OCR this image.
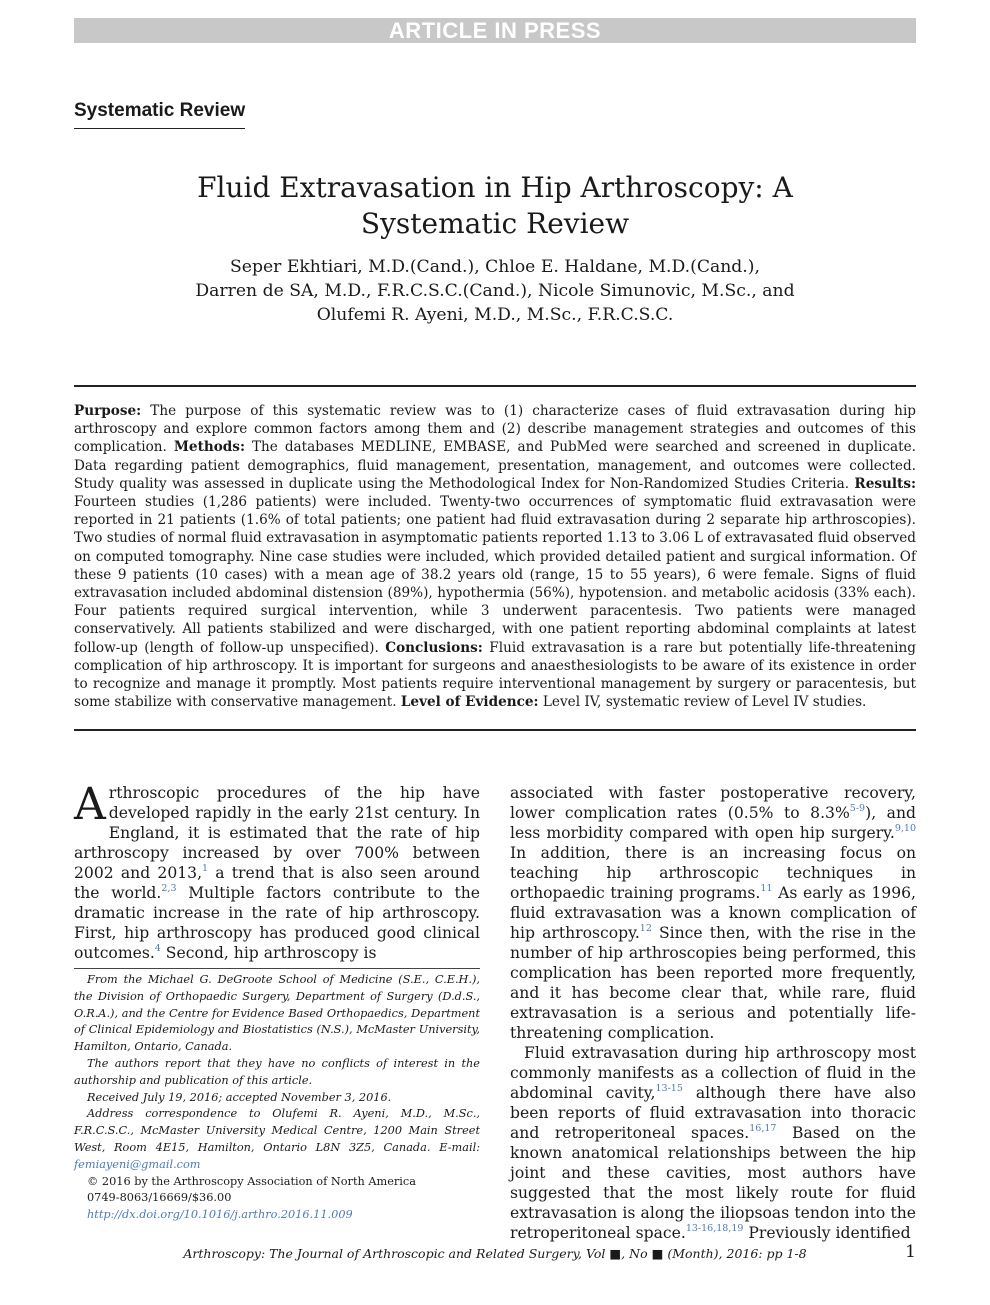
ARTICLE IN PRESS
Systematic Review
Fluid Extravasation in Hip Arthroscopy: A Systematic Review
Seper Ekhtiari, M.D.(Cand.), Chloe E. Haldane, M.D.(Cand.),
Darren de SA, M.D., F.R.C.S.C.(Cand.), Nicole Simunovic, M.Sc., and
Olufemi R. Ayeni, M.D., M.Sc., F.R.C.S.C.
Purpose: The purpose of this systematic review was to (1) characterize cases of fluid extravasation during hip arthroscopy and explore common factors among them and (2) describe management strategies and outcomes of this complication. Methods: The databases MEDLINE, EMBASE, and PubMed were searched and screened in duplicate. Data regarding patient demographics, fluid management, presentation, management, and outcomes were collected. Study quality was assessed in duplicate using the Methodological Index for Non-Randomized Studies Criteria. Results: Fourteen studies (1,286 patients) were included. Twenty-two occurrences of symptomatic fluid extravasation were reported in 21 patients (1.6% of total patients; one patient had fluid extravasation during 2 separate hip arthroscopies). Two studies of normal fluid extravasation in asymptomatic patients reported 1.13 to 3.06 L of extravasated fluid observed on computed tomography. Nine case studies were included, which provided detailed patient and surgical information. Of these 9 patients (10 cases) with a mean age of 38.2 years old (range, 15 to 55 years), 6 were female. Signs of fluid extravasation included abdominal distension (89%), hypothermia (56%), hypotension. and metabolic acidosis (33% each). Four patients required surgical intervention, while 3 underwent paracentesis. Two patients were managed conservatively. All patients stabilized and were discharged, with one patient reporting abdominal complaints at latest follow-up (length of follow-up unspecified). Conclusions: Fluid extravasation is a rare but potentially life-threatening complication of hip arthroscopy. It is important for surgeons and anaesthesiologists to be aware of its existence in order to recognize and manage it promptly. Most patients require interventional management by surgery or paracentesis, but some stabilize with conservative management. Level of Evidence: Level IV, systematic review of Level IV studies.

Arthroscopic procedures of the hip have developed rapidly in the early 21st century. In England, it is estimated that the rate of hip arthroscopy increased by over 700% between 2002 and 2013,$^1$ a trend that is also seen around the world.$^{2,3}$ Multiple factors contribute to the dramatic increase in the rate of hip arthroscopy. First, hip arthroscopy has produced good clinical outcomes.$^4$ Second, hip arthroscopy is

From the Michael G. DeGroote School of Medicine (S.E., C.E.H.), the Division of Orthopaedic Surgery, Department of Surgery (D.d.S., O.R.A.), and the Centre for Evidence Based Orthopaedics, Department of Clinical Epidemiology and Biostatistics (N.S.), McMaster University, Hamilton, Ontario, Canada.

The authors report that they have no conflicts of interest in the authorship and publication of this article.

Received July 19, 2016; accepted November 3, 2016.

Address correspondence to Olufemi R. Ayeni, M.D., M.Sc., F.R.C.S.C., McMaster University Medical Centre, 1200 Main Street West, Room 4E15, Hamilton, Ontario L8N 3Z5, Canada. E-mail: femiayeni@gmail.com

© 2016 by the Arthroscopy Association of North America

0749-8063/16669/$36.00

http://dx.doi.org/10.1016/j.arthro.2016.11.009

associated with faster postoperative recovery, lower complication rates (0.5% to 8.3%$^{5-9}$), and less morbidity compared with open hip surgery.$^{9,10}$ In addition, there is an increasing focus on teaching hip arthroscopic techniques in orthopaedic training programs.$^{11}$ As early as 1996, fluid extravasation was a known complication of hip arthroscopy.$^{12}$ Since then, with the rise in the number of hip arthroscopies being performed, this complication has been reported more frequently, and it has become clear that, while rare, fluid extravasation is a serious and potentially life-threatening complication.

Fluid extravasation during hip arthroscopy most commonly manifests as a collection of fluid in the abdominal cavity,$^{13-15}$ although there have also been reports of fluid extravasation into thoracic and retroperitoneal spaces.$^{16,17}$ Based on the known anatomical relationships between the hip joint and these cavities, most authors have suggested that the most likely route for fluid extravasation is along the iliopsoas tendon into the retroperitoneal space.$^{13-16,18,19}$ Previously identified

Arthroscopy: The Journal of Arthroscopic and Related Surgery, Vol ■, No ■ (Month), 2016: pp 1-8	1
